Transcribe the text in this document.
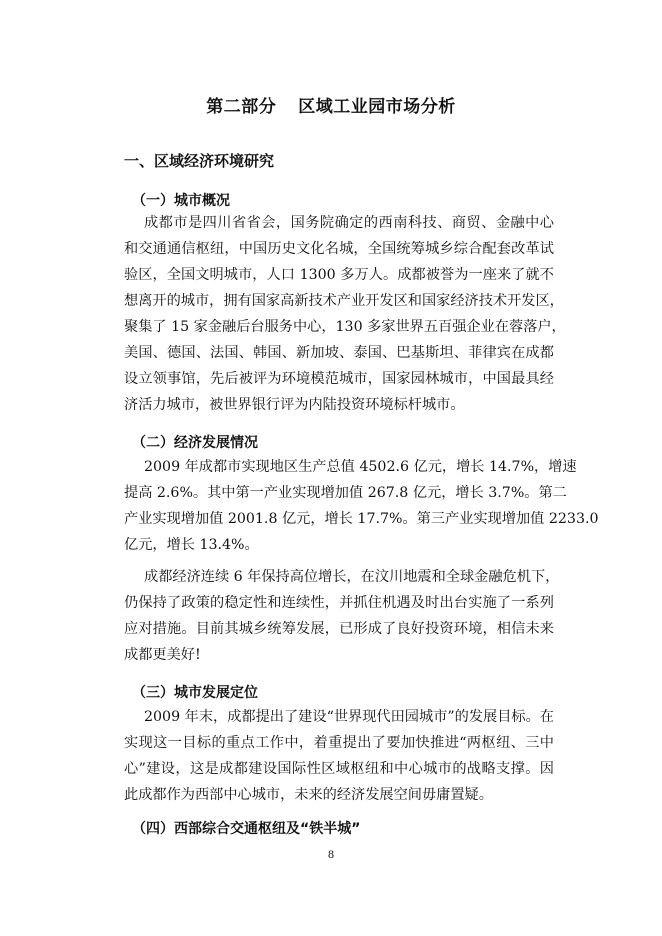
第二部分 区域工业园市场分析
一、区域经济环境研究
（一）城市概况
成都市是四川省省会，国务院确定的西南科技、商贸、金融中心
和交通通信枢纽，中国历史文化名城，全国统筹城乡综合配套改革试
验区，全国文明城市，人口 1300 多万人。成都被誉为一座来了就不
想离开的城市，拥有国家高新技术产业开发区和国家经济技术开发区，
聚集了 15 家金融后台服务中心，130 多家世界五百强企业在蓉落户，
美国、德国、法国、韩国、新加坡、泰国、巴基斯坦、菲律宾在成都
设立领事馆，先后被评为环境模范城市，国家园林城市，中国最具经
济活力城市，被世界银行评为内陆投资环境标杆城市。
（二）经济发展情况
2009 年成都市实现地区生产总值 4502.6 亿元，增长 14.7%，增速
提高 2.6%。其中第一产业实现增加值 267.8 亿元，增长 3.7%。第二
产业实现增加值 2001.8 亿元，增长 17.7%。第三产业实现增加值 2233.0
亿元，增长 13.4%。
成都经济连续 6 年保持高位增长，在汶川地震和全球金融危机下，
仍保持了政策的稳定性和连续性，并抓住机遇及时出台实施了一系列
应对措施。目前其城乡统筹发展，已形成了良好投资环境，相信未来
成都更美好!
（三）城市发展定位
2009 年末，成都提出了建设“世界现代田园城市”的发展目标。在
实现这一目标的重点工作中，着重提出了要加快推进“两枢纽、三中
心”建设，这是成都建设国际性区域枢纽和中心城市的战略支撑。因
此成都作为西部中心城市，未来的经济发展空间毋庸置疑。
（四）西部综合交通枢纽及“铁半城”
8
